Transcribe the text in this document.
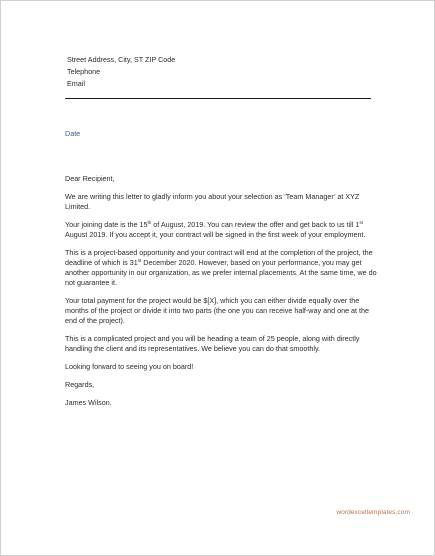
Street Address, City, ST ZIP Code
Telephone
Email
Date

Dear Recipient,

We are writing this letter to gladly inform you about your selection as ‘Team Manager’ at XYZ Limited.

Your joining date is the 15th of August, 2019. You can review the offer and get back to us till 1st August 2019. If you accept it, your contract will be signed in the first week of your employment.

This is a project-based opportunity and your contract will end at the completion of the project, the deadline of which is 31st December 2020. However, based on your performance, you may get another opportunity in our organization, as we prefer internal placements. At the same time, we do not guarantee it.

Your total payment for the project would be $[X], which you can either divide equally over the months of the project or divide it into two parts (the one you can receive half-way and one at the end of the project).

This is a complicated project and you will be heading a team of 25 people, along with directly handling the client and its representatives. We believe you can do that smoothly.

Looking forward to seeing you on board!

Regards,

James Wilson.

wordexceltemplates.com
